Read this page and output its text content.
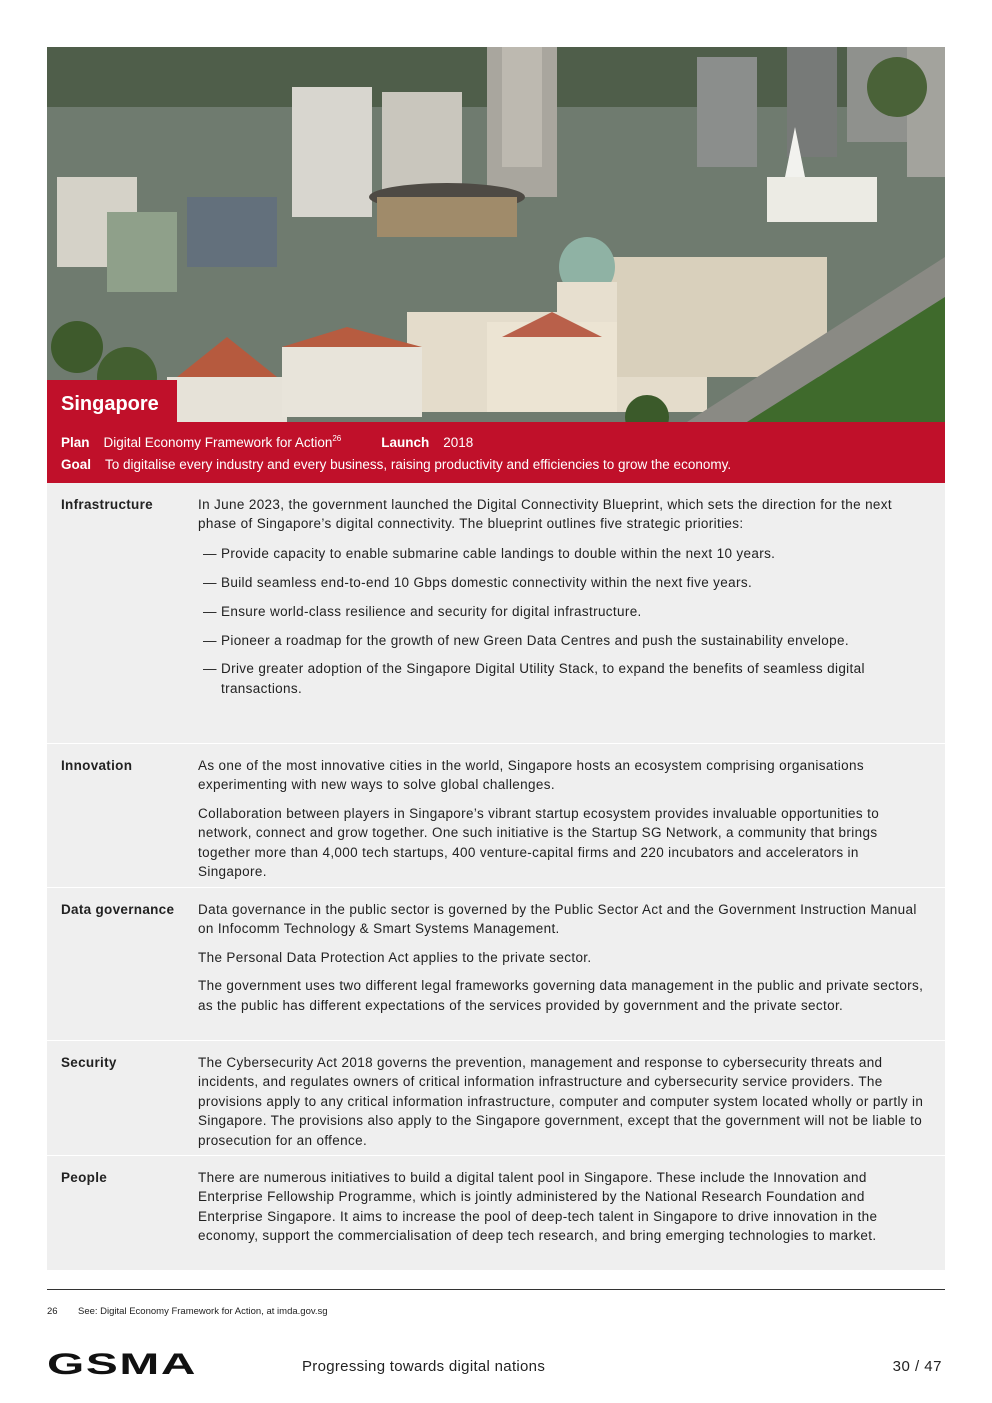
Singapore
Plan Digital Economy Framework for Action$^{26}$	Launch 2018
Goal To digitalise every industry and every business, raising productivity and efficiencies to grow the economy.
Infrastructure	In June 2023, the government launched the Digital Connectivity Blueprint, which sets the direction for the next phase of Singapore’s digital connectivity. The blueprint outlines five strategic priorities:

— Provide capacity to enable submarine cable landings to double within the next 10 years.
— Build seamless end-to-end 10 Gbps domestic connectivity within the next five years.
— Ensure world-class resilience and security for digital infrastructure.
— Pioneer a roadmap for the growth of new Green Data Centres and push the sustainability envelope.
— Drive greater adoption of the Singapore Digital Utility Stack, to expand the benefits of seamless digital transactions.
Innovation	As one of the most innovative cities in the world, Singapore hosts an ecosystem comprising organisations experimenting with new ways to solve global challenges.

Collaboration between players in Singapore’s vibrant startup ecosystem provides invaluable opportunities to network, connect and grow together. One such initiative is the Startup SG Network, a community that brings together more than 4,000 tech startups, 400 venture-capital firms and 220 incubators and accelerators in Singapore.

Data governance	Data governance in the public sector is governed by the Public Sector Act and the Government Instruction Manual on Infocomm Technology & Smart Systems Management.

The Personal Data Protection Act applies to the private sector.

The government uses two different legal frameworks governing data management in the public and private sectors, as the public has different expectations of the services provided by government and the private sector.

Security	The Cybersecurity Act 2018 governs the prevention, management and response to cybersecurity threats and incidents, and regulates owners of critical information infrastructure and cybersecurity service providers. The provisions apply to any critical information infrastructure, computer and computer system located wholly or partly in Singapore. The provisions also apply to the Singapore government, except that the government will not be liable to prosecution for an offence.

People	There are numerous initiatives to build a digital talent pool in Singapore. These include the Innovation and Enterprise Fellowship Programme, which is jointly administered by the National Research Foundation and Enterprise Singapore. It aims to increase the pool of deep-tech talent in Singapore to drive innovation in the economy, support the commercialisation of deep tech research, and bring emerging technologies to market.

26 See: Digital Economy Framework for Action, at imda.gov.sg
GSMA	Progressing towards digital nations	30 / 47
